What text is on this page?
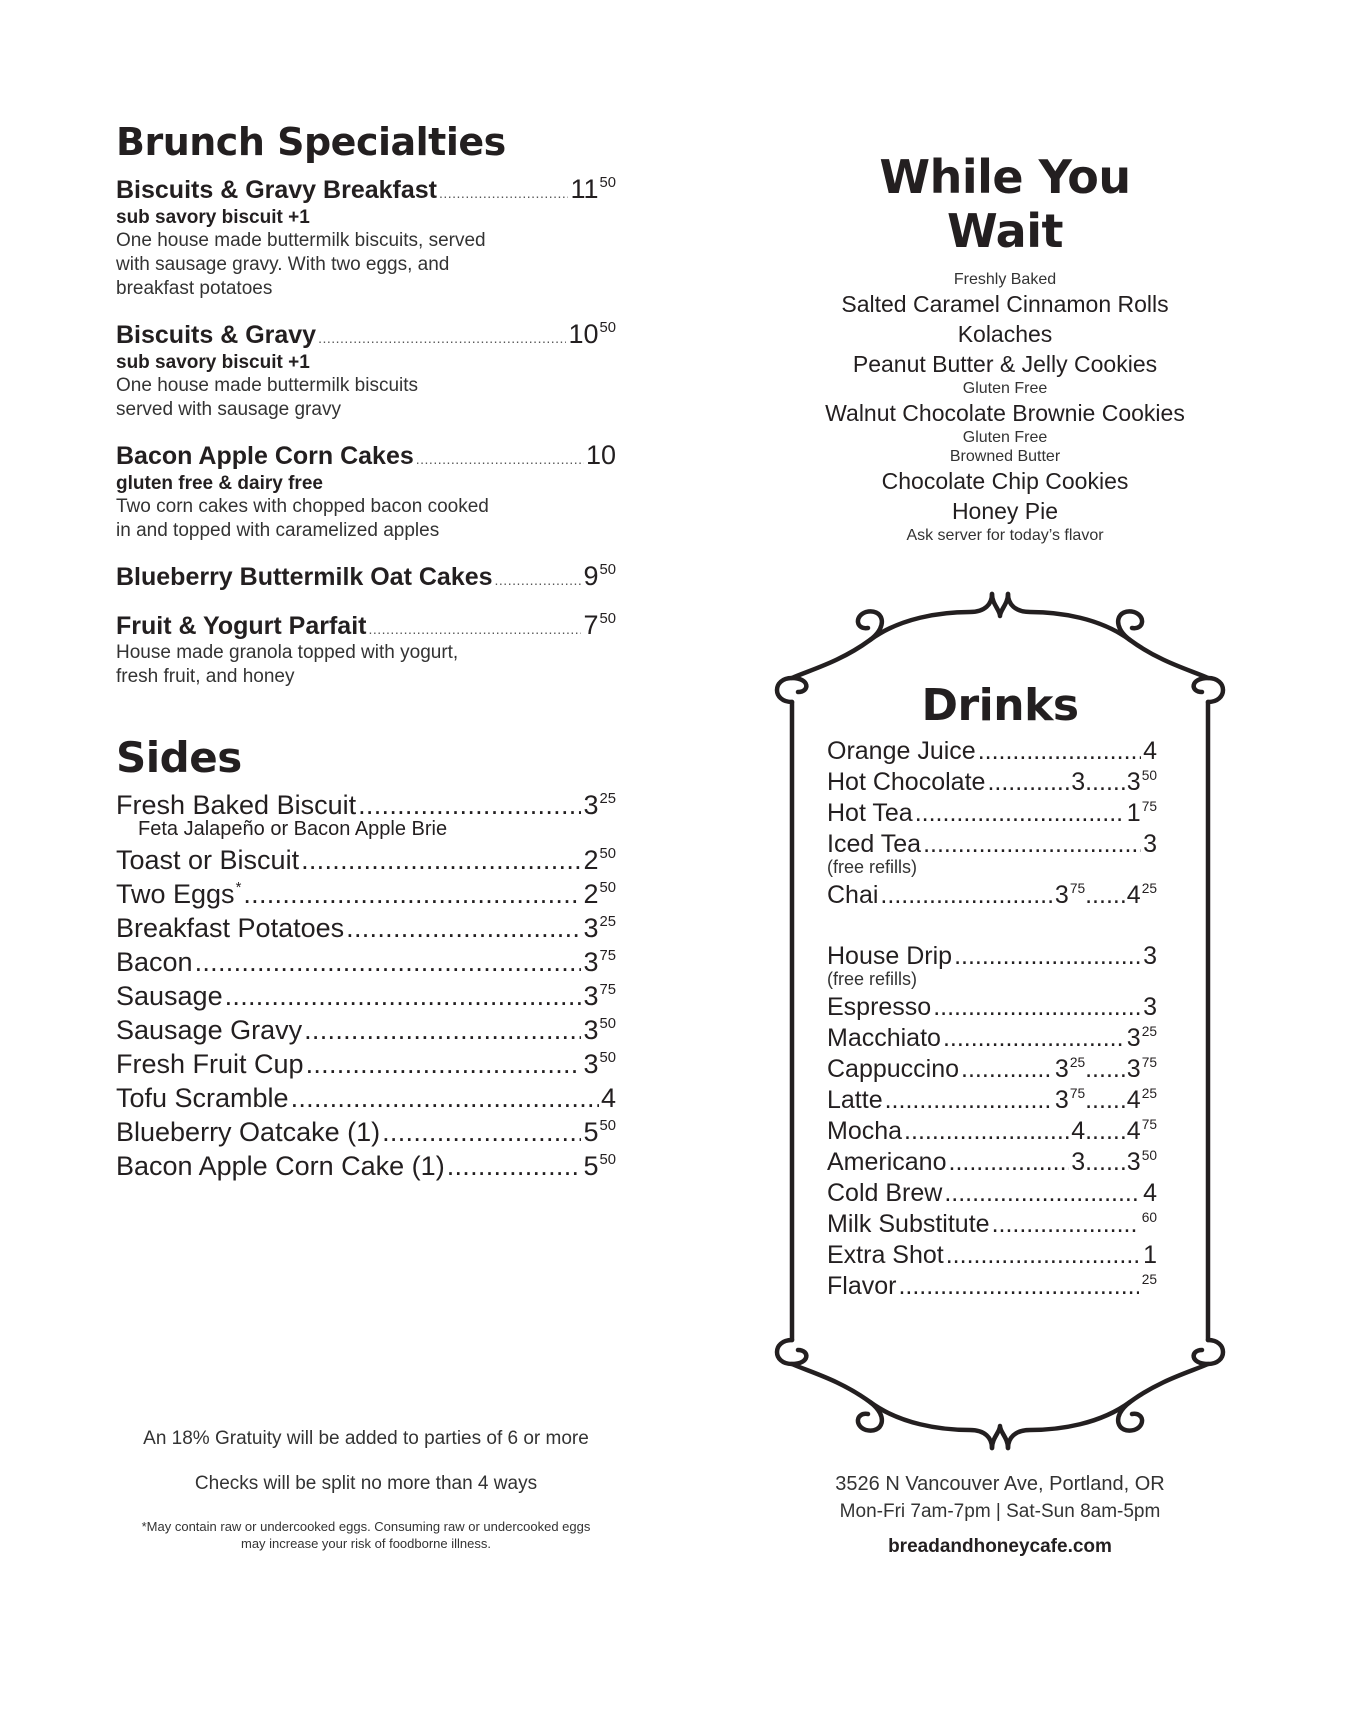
Brunch Specialties
Biscuits & Gravy Breakfast .....	$11^{50}$
sub savory biscuit +1
One house made buttermilk biscuits, served
with sausage gravy. With two eggs, and
breakfast potatoes
Biscuits & Gravy .....	$10^{50}$
sub savory biscuit +1
One house made buttermilk biscuits
served with sausage gravy
Bacon Apple Corn Cakes .....	10
gluten free & dairy free
Two corn cakes with chopped bacon cooked
in and topped with caramelized apples
Blueberry Buttermilk Oat Cakes .....	$9^{50}$
Fruit & Yogurt Parfait .....	$7^{50}$
House made granola topped with yogurt,
fresh fruit, and honey
Sides
Fresh Baked Biscuit .....	$3^{25}$
Feta Jalapeño or Bacon Apple Brie
Toast or Biscuit .....	$2^{50}$
Two Eggs* .....	$2^{50}$
Breakfast Potatoes .....	$3^{25}$
Bacon .....	$3^{75}$
Sausage .....	$3^{75}$
Sausage Gravy .....	$3^{50}$
Fresh Fruit Cup .....	$3^{50}$
Tofu Scramble .....	4
Blueberry Oatcake (1) .....	$5^{50}$
Bacon Apple Corn Cake (1) .....	$5^{50}$
An 18% Gratuity will be added to parties of 6 or more
Checks will be split no more than 4 ways
*May contain raw or undercooked eggs. Consuming raw or undercooked eggs
may increase your risk of foodborne illness.
While You Wait
Freshly Baked
Salted Caramel Cinnamon Rolls
Kolaches
Peanut Butter & Jelly Cookies
Gluten Free
Walnut Chocolate Brownie Cookies
Gluten Free
Browned Butter
Chocolate Chip Cookies
Honey Pie
Ask server for today’s flavor
Drinks
Orange Juice .....	4
Hot Chocolate .....	3......3$^{50}$
Hot Tea .....	$1^{75}$
Iced Tea .....	3
(free refills)
Chai .....	$3^{75}......4^{25}$
House Drip .....	3
(free refills)
Espresso .....	3
Macchiato .....	$3^{25}$
Cappuccino .....	$3^{25}......3^{75}$
Latte .....	$3^{75}......4^{25}$
Mocha .....	4......4$^{75}$
Americano .....	3......3$^{50}$
Cold Brew .....	4
Milk Substitute .....	$^{60}$
Extra Shot .....	1
Flavor .....	$^{25}$
3526 N Vancouver Ave, Portland, OR
Mon-Fri 7am-7pm | Sat-Sun 8am-5pm
breadandhoneycafe.com
